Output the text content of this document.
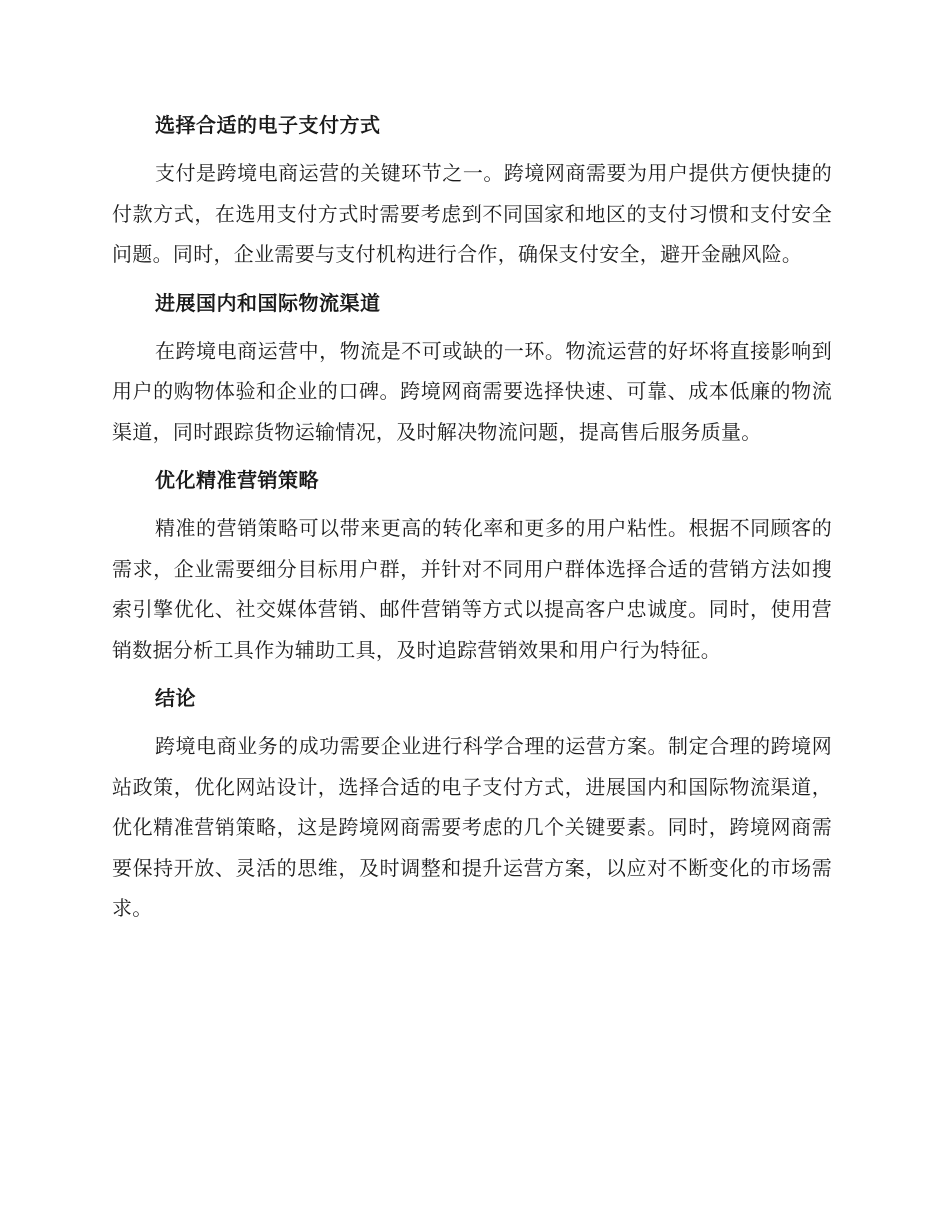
选择合适的电子支付方式

支付是跨境电商运营的关键环节之一。跨境网商需要为用户提供方便快捷的付款方式，在选用支付方式时需要考虑到不同国家和地区的支付习惯和支付安全问题。同时，企业需要与支付机构进行合作，确保支付安全，避开金融风险。

进展国内和国际物流渠道

在跨境电商运营中，物流是不可或缺的一环。物流运营的好坏将直接影响到用户的购物体验和企业的口碑。跨境网商需要选择快速、可靠、成本低廉的物流渠道，同时跟踪货物运输情况，及时解决物流问题，提高售后服务质量。

优化精准营销策略

精准的营销策略可以带来更高的转化率和更多的用户粘性。根据不同顾客的需求，企业需要细分目标用户群，并针对不同用户群体选择合适的营销方法如搜索引擎优化、社交媒体营销、邮件营销等方式以提高客户忠诚度。同时，使用营销数据分析工具作为辅助工具，及时追踪营销效果和用户行为特征。

结论

跨境电商业务的成功需要企业进行科学合理的运营方案。制定合理的跨境网站政策，优化网站设计，选择合适的电子支付方式，进展国内和国际物流渠道，优化精准营销策略，这是跨境网商需要考虑的几个关键要素。同时，跨境网商需要保持开放、灵活的思维，及时调整和提升运营方案，以应对不断变化的市场需求。
